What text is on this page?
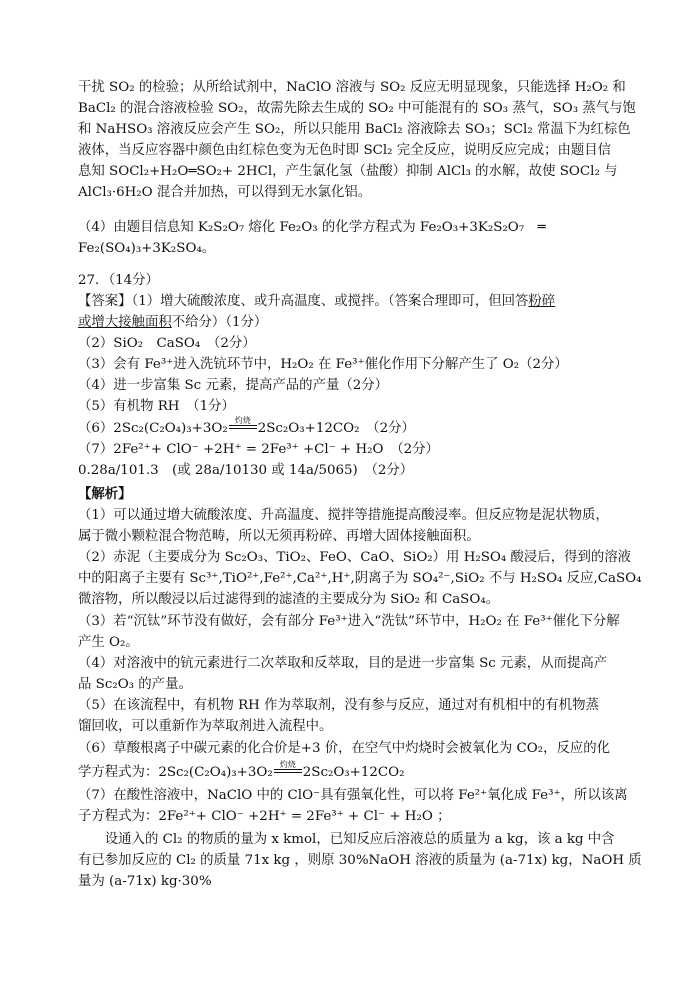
干扰 SO₂ 的检验；从所给试剂中，NaClO 溶液与 SO₂ 反应无明显现象，只能选择 H₂O₂ 和
BaCl₂ 的混合溶液检验 SO₂，故需先除去生成的 SO₂ 中可能混有的 SO₃ 蒸气，SO₃ 蒸气与饱
和 NaHSO₃ 溶液反应会产生 SO₂，所以只能用 BaCl₂ 溶液除去 SO₃；SCl₂ 常温下为红棕色
液体，当反应容器中颜色由红棕色变为无色时即 SCl₂ 完全反应，说明反应完成；由题目信
息知 SOCl₂+H₂O═SO₂+ 2HCl，产生氯化氢（盐酸）抑制 AlCl₃ 的水解，故使 SOCl₂ 与
AlCl₃·6H₂O 混合并加热，可以得到无水氯化铝。
（4）由题目信息知 K₂S₂O₇ 熔化 Fe₂O₃ 的化学方程式为 Fe₂O₃+3K₂S₂O₇　═
Fe₂(SO₄)₃+3K₂SO₄。
27．（14分）
【答案】（1）增大硫酸浓度、或升高温度、或搅拌。（答案合理即可，但回答粉碎
或增大接触面积不给分）（1分）
（2）SiO₂　CaSO₄　（2分）
（3）会有 Fe³⁺进入洗钪环节中，H₂O₂ 在 Fe³⁺催化作用下分解产生了 O₂（2分）
（4）进一步富集 Sc 元素，提高产品的产量（2分）
（5）有机物 RH　（1分）
（6）2Sc₂(C₂O₄)₃+3O₂
灼烧
2Sc₂O₃+12CO₂　（2分）
（7）2Fe²⁺+ ClO⁻ +2H⁺ = 2Fe³⁺ +Cl⁻ + H₂O　（2分）
0.28a/101.3　(或 28a/10130 或 14a/5065)　（2分）
【解析】
（1）可以通过增大硫酸浓度、升高温度、搅拌等措施提高酸浸率。但反应物是泥状物质，
属于微小颗粒混合物范畴，所以无须再粉碎、再增大固体接触面积。
（2）赤泥（主要成分为 Sc₂O₃、TiO₂、FeO、CaO、SiO₂）用 H₂SO₄ 酸浸后，得到的溶液
中的阳离子主要有 Sc³⁺,TiO²⁺,Fe²⁺,Ca²⁺,H⁺,阴离子为 SO₄²⁻,SiO₂ 不与 H₂SO₄ 反应,CaSO₄
微溶物，所以酸浸以后过滤得到的滤渣的主要成分为 SiO₂ 和 CaSO₄。
（3）若“沉钛”环节没有做好，会有部分 Fe³⁺进入“洗钛”环节中，H₂O₂ 在 Fe³⁺催化下分解
产生 O₂。
（4）对溶液中的钪元素进行二次萃取和反萃取，目的是进一步富集 Sc 元素，从而提高产
品 Sc₂O₃ 的产量。
（5）在该流程中，有机物 RH 作为萃取剂，没有参与反应，通过对有机相中的有机物蒸
馏回收，可以重新作为萃取剂进入流程中。
（6）草酸根离子中碳元素的化合价是+3 价，在空气中灼烧时会被氧化为 CO₂，反应的化
学方程式为：2Sc₂(C₂O₄)₃+3O₂
灼烧
2Sc₂O₃+12CO₂
（7）在酸性溶液中，NaClO 中的 ClO⁻具有强氧化性，可以将 Fe²⁺氧化成 Fe³⁺，所以该离
子方程式为：2Fe²⁺+ ClO⁻ +2H⁺ = 2Fe³⁺ + Cl⁻ + H₂O ；
　　设通入的 Cl₂ 的物质的量为 x kmol，已知反应后溶液总的质量为 a kg，该 a kg 中含
有已参加反应的 Cl₂ 的质量 71x kg ，则原 30%NaOH 溶液的质量为 (a-71x) kg，NaOH 质
量为 (a-71x) kg·30%
